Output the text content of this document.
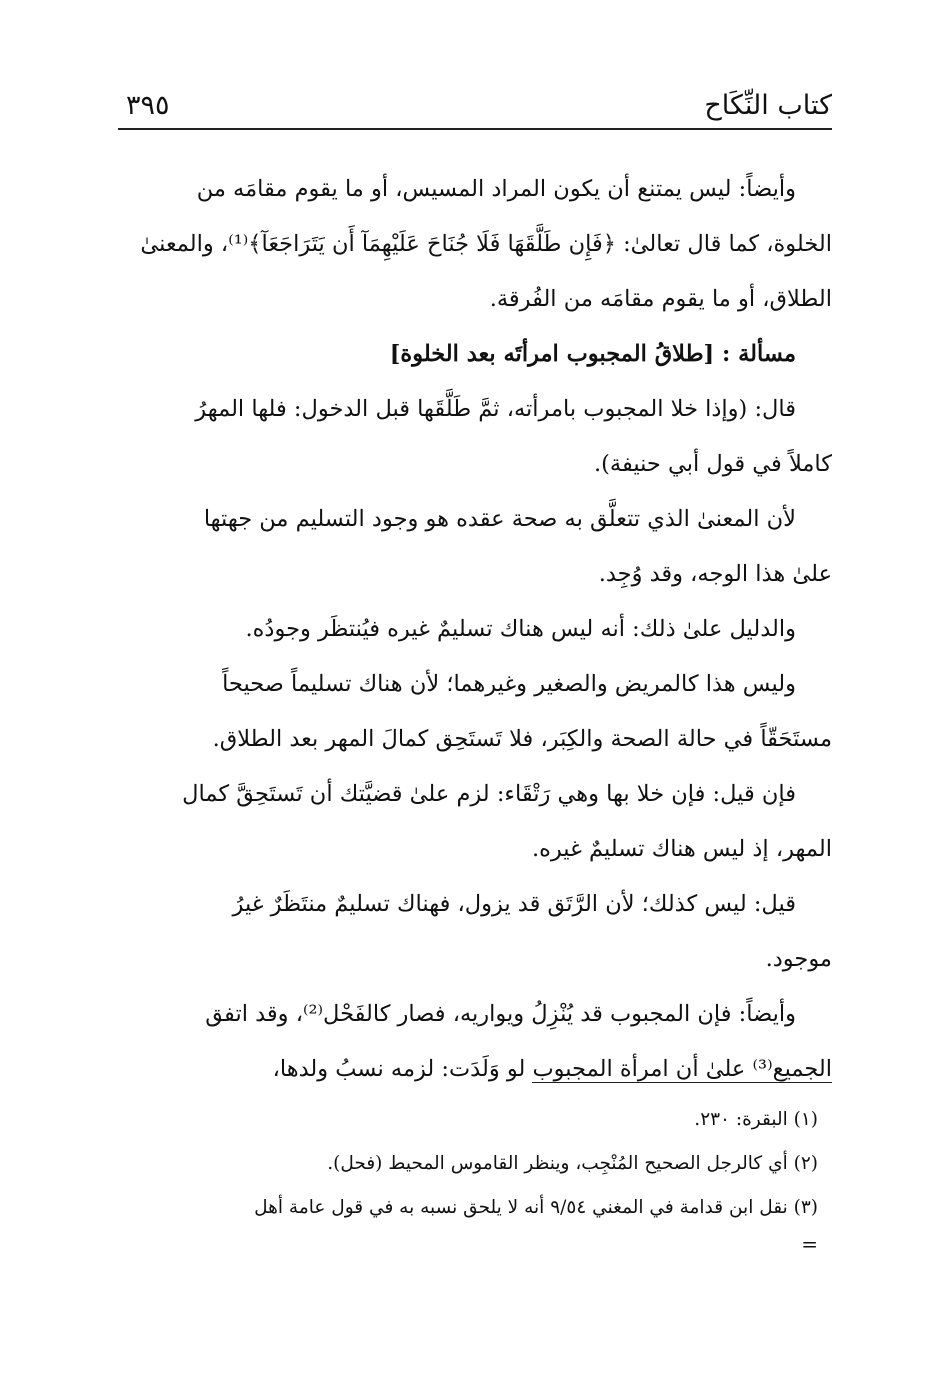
كتاب النِّكَاح
٣٩٥
وأيضاً: ليس يمتنع أن يكون المراد المسيس، أو ما يقوم مقامَه من
الخلوة، كما قال تعالىٰ: ﴿فَإِن طَلَّقَهَا فَلَا جُنَاحَ عَلَيْهِمَآ أَن يَتَرَاجَعَآ﴾⁽¹⁾، والمعنىٰ
الطلاق، أو ما يقوم مقامَه من الفُرقة.
مسألة : [طلاقُ المجبوب امرأتَه بعد الخلوة]
قال: (وإذا خلا المجبوب بامرأته، ثمَّ طَلَّقَها قبل الدخول: فلها المهرُ
كاملاً في قول أبي حنيفة).
لأن المعنىٰ الذي تتعلَّق به صحة عقده هو وجود التسليم من جهتها
علىٰ هذا الوجه، وقد وُجِد.
والدليل علىٰ ذلك: أنه ليس هناك تسليمٌ غيره فيُنتظَر وجودُه.
وليس هذا كالمريض والصغير وغيرهما؛ لأن هناك تسليماً صحيحاً
مستَحَقّاً في حالة الصحة والكِبَر، فلا تَستَحِق كمالَ المهر بعد الطلاق.
فإن قيل: فإن خلا بها وهي رَتْقَاء: لزم علىٰ قضيَّتك أن تَستَحِقَّ كمال
المهر، إذ ليس هناك تسليمٌ غيره.
قيل: ليس كذلك؛ لأن الرَّتَق قد يزول، فهناك تسليمٌ منتَظَرٌ غيرُ
موجود.
وأيضاً: فإن المجبوب قد يُنْزِلُ ويواريه، فصار كالفَحْل⁽²⁾، وقد اتفق
الجميع⁽³⁾ علىٰ أن امرأة المجبوب لو وَلَدَت: لزمه نسبُ ولدها،
(١) البقرة: ٢٣٠.
(٢) أي كالرجل الصحيح المُنْجِب، وينظر القاموس المحيط (فحل).
(٣) نقل ابن قدامة في المغني ٩/٥٤ أنه لا يلحق نسبه به في قول عامة أهل
=
